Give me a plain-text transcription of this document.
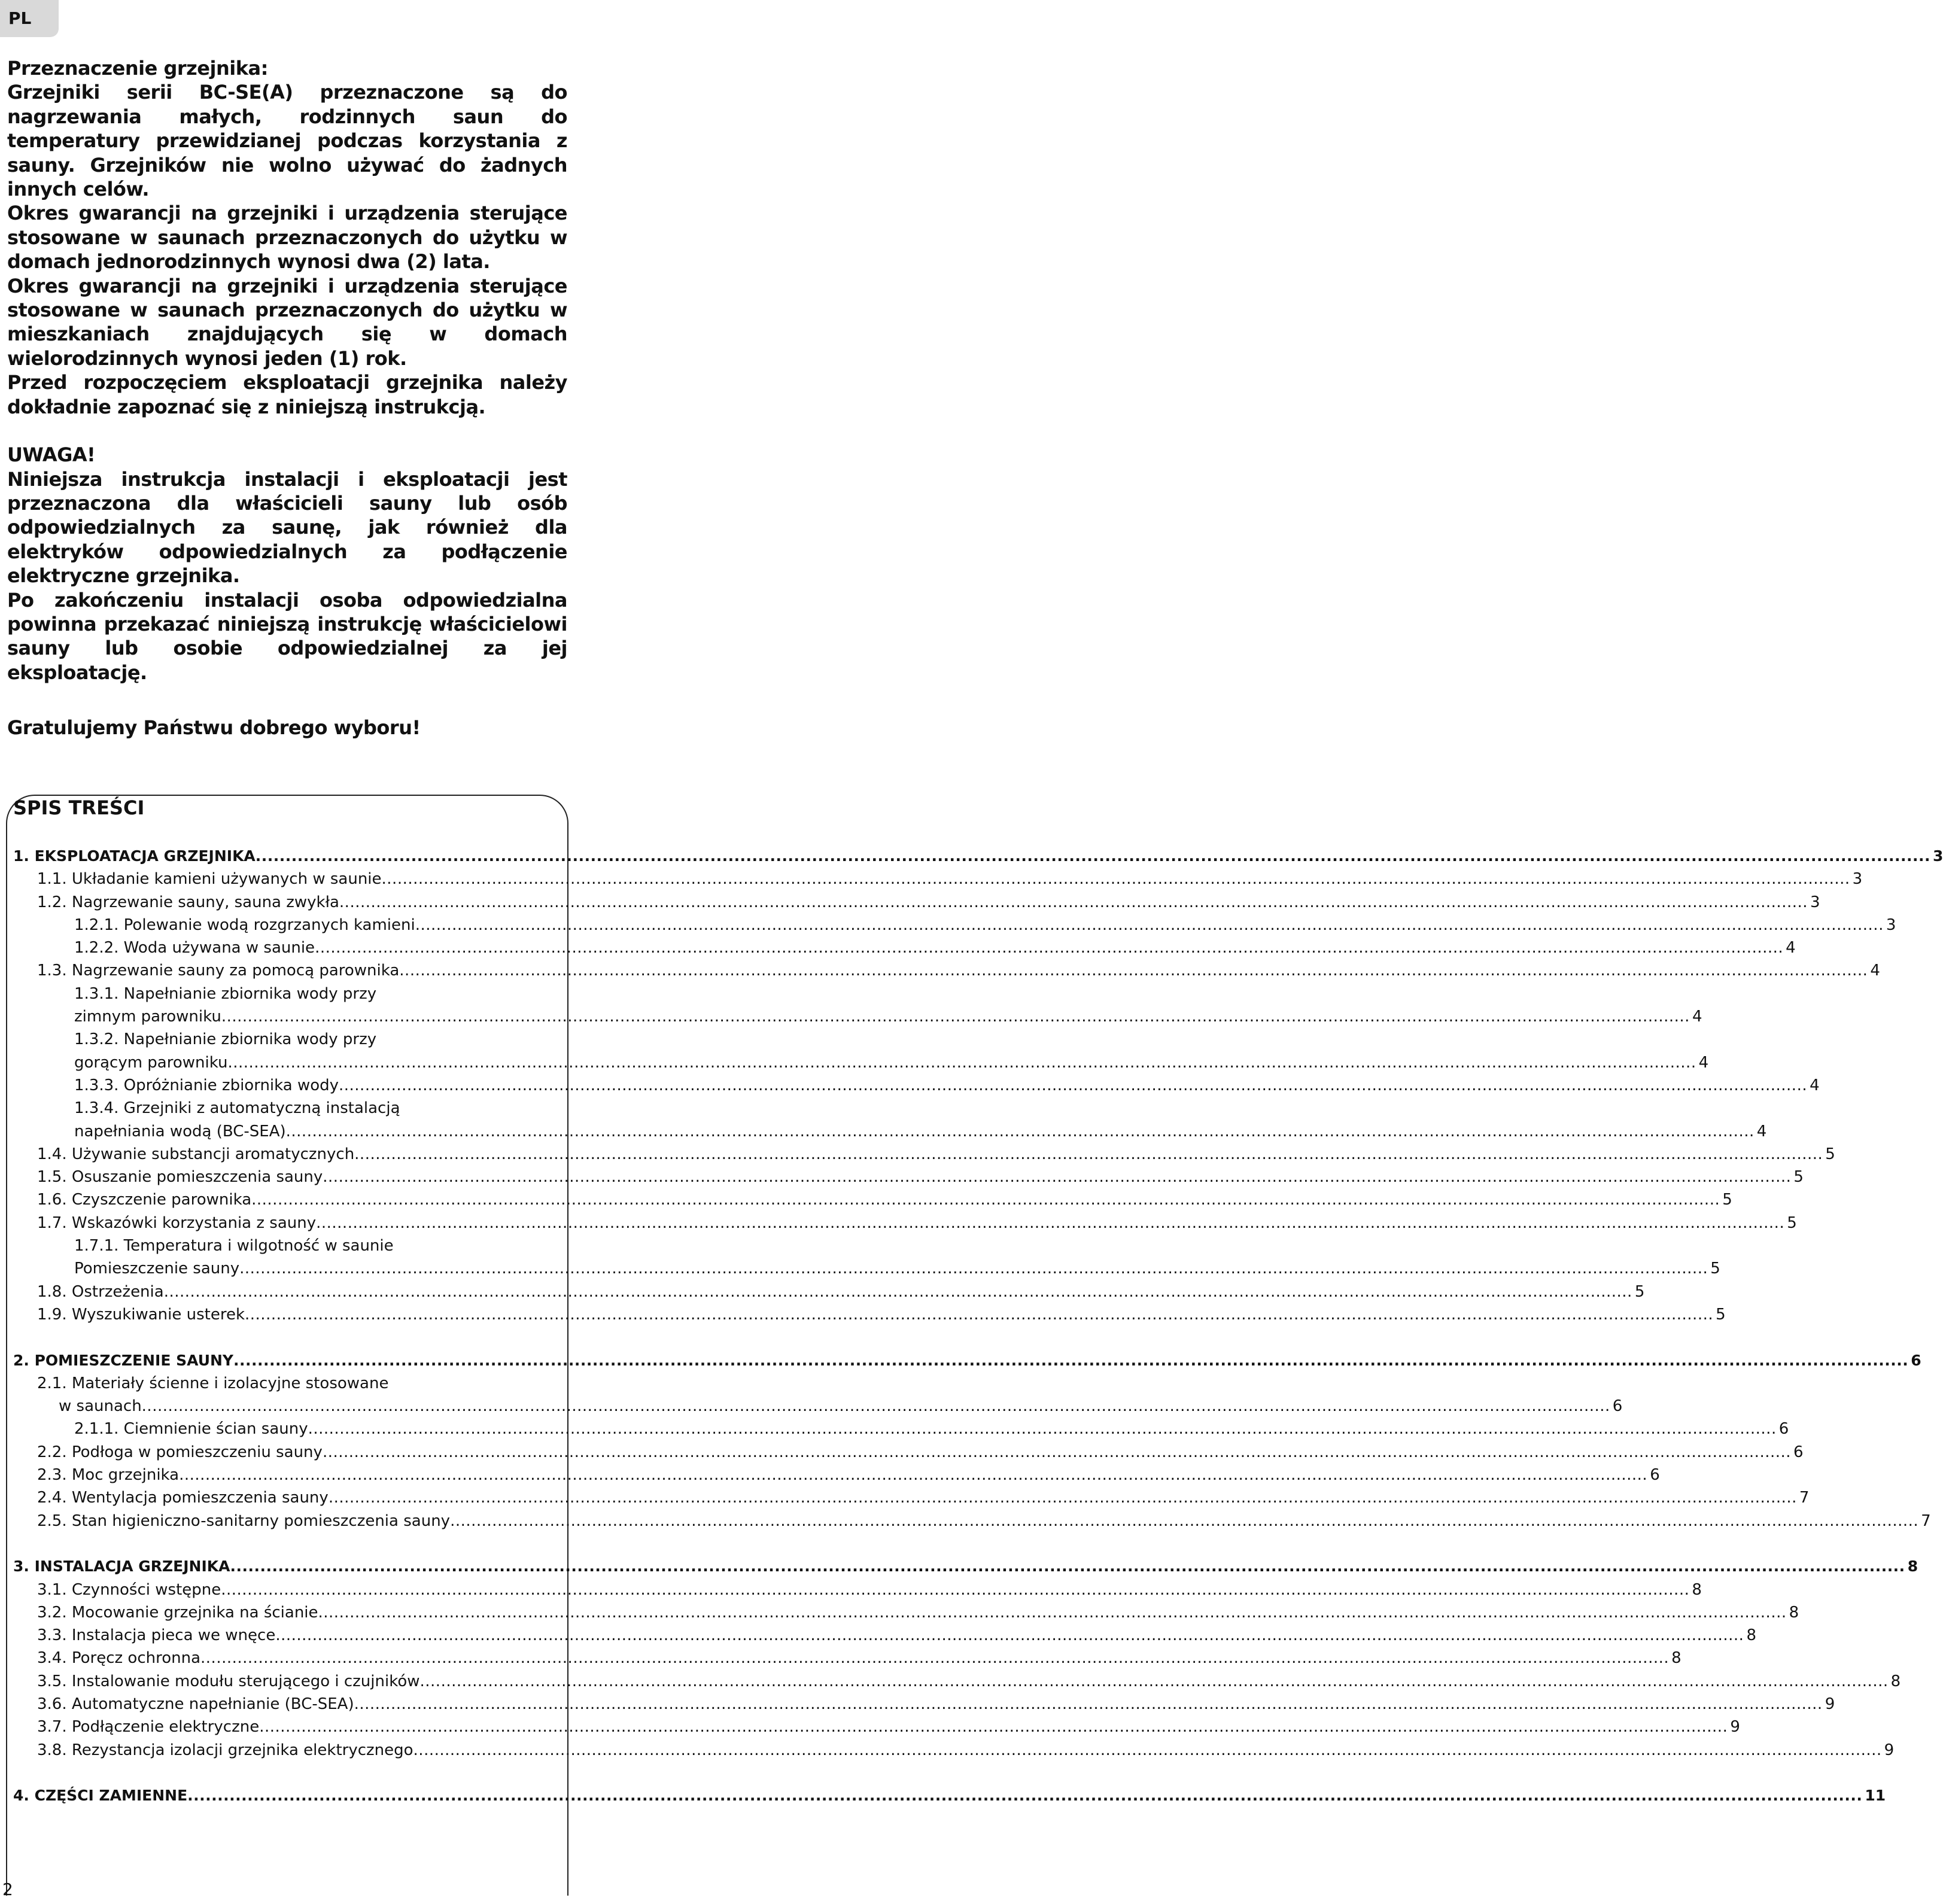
PL

Przeznaczenie grzejnika:

Grzejniki serii BC-SE(A) przeznaczone są do nagrzewania małych, rodzinnych saun do temperatury przewidzianej podczas korzystania z sauny. Grzejników nie wolno używać do żadnych innych celów.

Okres gwarancji na grzejniki i urządzenia sterujące stosowane w saunach przeznaczonych do użytku w domach jednorodzinnych wynosi dwa (2) lata.

Okres gwarancji na grzejniki i urządzenia sterujące stosowane w saunach przeznaczonych do użytku w mieszkaniach znajdujących się w domach wielorodzinnych wynosi jeden (1) rok.

Przed rozpoczęciem eksploatacji grzejnika należy dokładnie zapoznać się z niniejszą instrukcją.

UWAGA!

Niniejsza instrukcja instalacji i eksploatacji jest przeznaczona dla właścicieli sauny lub osób odpowiedzialnych za saunę, jak również dla elektryków odpowiedzialnych za podłączenie elektryczne grzejnika.

Po zakończeniu instalacji osoba odpowiedzialna powinna przekazać niniejszą instrukcję właścicielowi sauny lub osobie odpowiedzialnej za jej eksploatację.

Gratulujemy Państwu dobrego wyboru!

SPIS TREŚCI
1. EKSPLOATACJA GRZEJNIKA .....	3
1.1. Układanie kamieni używanych w saunie .....	3
1.2. Nagrzewanie sauny, sauna zwykła .....	3
1.2.1. Polewanie wodą rozgrzanych kamieni .....	3
1.2.2. Woda używana w saunie .....	4
1.3. Nagrzewanie sauny za pomocą parownika .....	4
1.3.1. Napełnianie zbiornika wody przy
zimnym parowniku .....	4
1.3.2. Napełnianie zbiornika wody przy
gorącym parowniku .....	4
1.3.3. Opróżnianie zbiornika wody .....	4
1.3.4. Grzejniki z automatyczną instalacją
napełniania wodą (BC-SEA) .....	4
1.4. Używanie substancji aromatycznych .....	5
1.5. Osuszanie pomieszczenia sauny .....	5
1.6. Czyszczenie parownika .....	5
1.7. Wskazówki korzystania z sauny .....	5
1.7.1. Temperatura i wilgotność w saunie
Pomieszczenie sauny .....	5
1.8. Ostrzeżenia .....	5
1.9. Wyszukiwanie usterek .....	5
2. POMIESZCZENIE SAUNY .....	6
2.1. Materiały ścienne i izolacyjne stosowane
w saunach .....	6
2.1.1. Ciemnienie ścian sauny .....	6
2.2. Podłoga w pomieszczeniu sauny .....	6
2.3. Moc grzejnika .....	6
2.4. Wentylacja pomieszczenia sauny .....	7
2.5. Stan higieniczno-sanitarny pomieszczenia sauny .....	7
3. INSTALACJA GRZEJNIKA .....	8
3.1. Czynności wstępne .....	8
3.2. Mocowanie grzejnika na ścianie .....	8
3.3. Instalacja pieca we wnęce .....	8
3.4. Poręcz ochronna .....	8
3.5. Instalowanie modułu sterującego i czujników .....	8
3.6. Automatyczne napełnianie (BC-SEA) .....	9
3.7. Podłączenie elektryczne .....	9
3.8. Rezystancja izolacji grzejnika elektrycznego .....	9
4. CZĘŚCI ZAMIENNE .....	11
2
